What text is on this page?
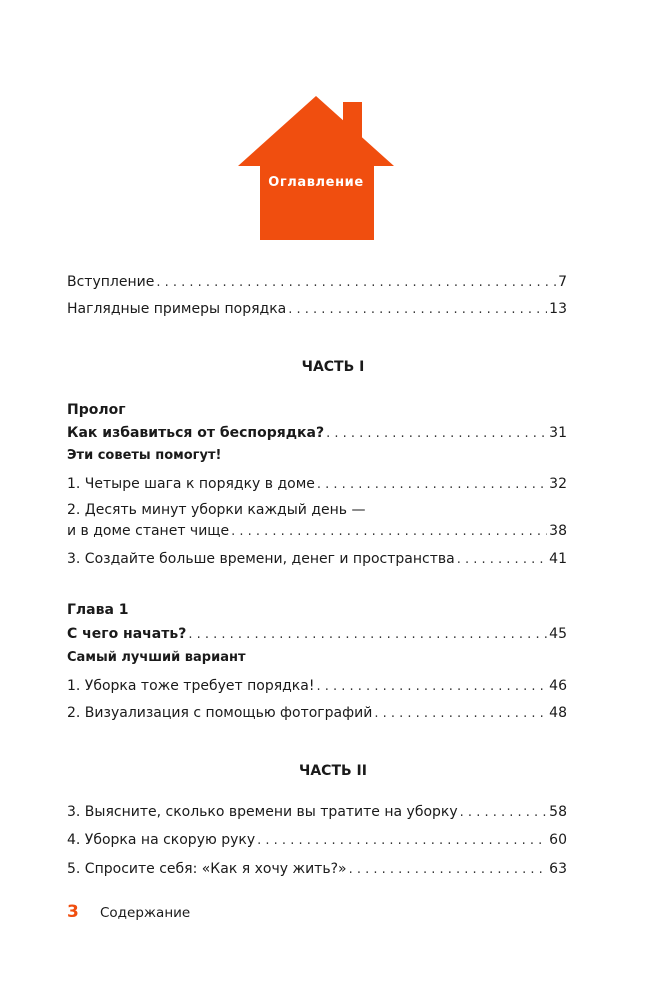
Оглавление
Вступление . . .	7
Наглядные примеры порядка . . .	13
ЧАСТЬ I
Пролог
Как избавиться от беспорядка? . . .	31
Эти советы помогут!
1. Четыре шага к порядку в доме . . .	32
2. Десять минут уборки каждый день —
и в доме станет чище . . .	38
3. Создайте больше времени, денег и пространства . . .	41
Глава 1
С чего начать? . . .	45
Самый лучший вариант
1. Уборка тоже требует порядка! . . .	46
2. Визуализация с помощью фотографий . . .	48
ЧАСТЬ II
3. Выясните, сколько времени вы тратите на уборку . . .	58
4. Уборка на скорую руку . . .	60
5. Спросите себя: «Как я хочу жить?» . . .	63
3 Содержание
